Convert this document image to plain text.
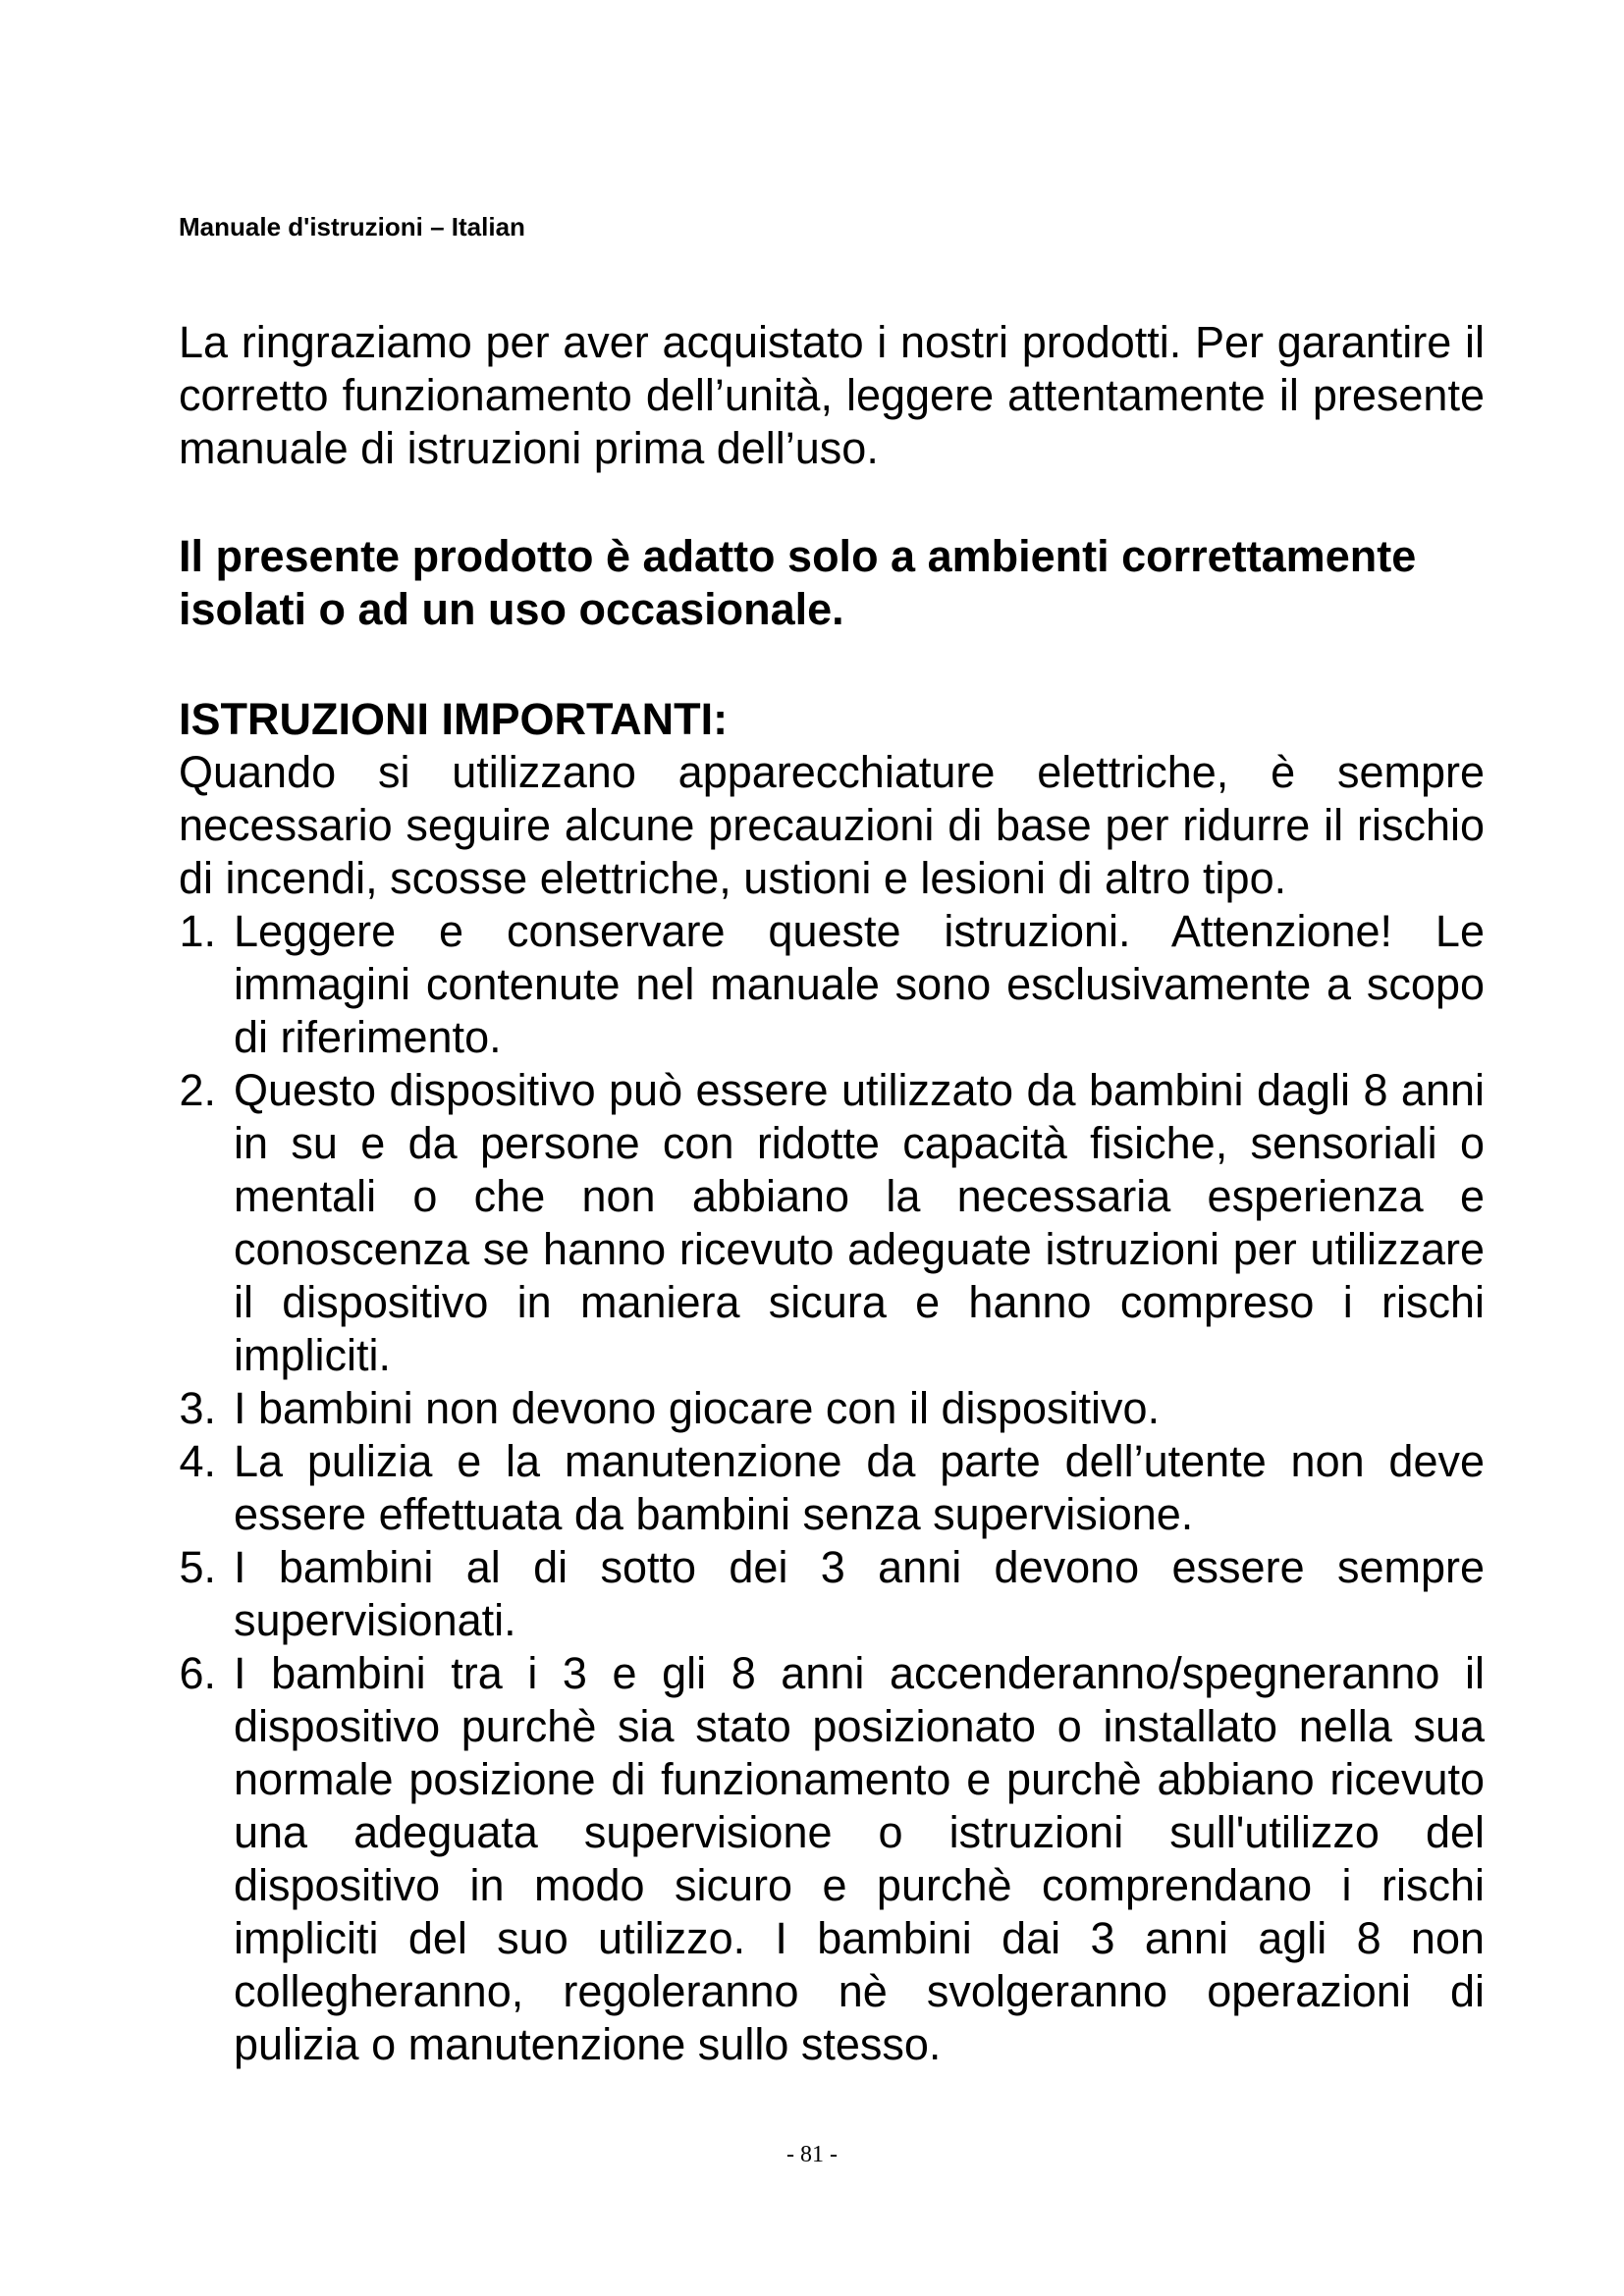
Manuale d'istruzioni – Italian

La ringraziamo per aver acquistato i nostri prodotti. Per garantire il corretto funzionamento dell’unità, leggere attentamente il presente manuale di istruzioni prima dell’uso.

Il presente prodotto è adatto solo a ambienti correttamente isolati o ad un uso occasionale.

ISTRUZIONI IMPORTANTI:

Quando si utilizzano apparecchiature elettriche, è sempre necessario seguire alcune precauzioni di base per ridurre il rischio di incendi, scosse elettriche, ustioni e lesioni di altro tipo.

1. Leggere e conservare queste istruzioni. Attenzione! Le immagini contenute nel manuale sono esclusivamente a scopo di riferimento.
2. Questo dispositivo può essere utilizzato da bambini dagli 8 anni in su e da persone con ridotte capacità fisiche, sensoriali o mentali o che non abbiano la necessaria esperienza e conoscenza se hanno ricevuto adeguate istruzioni per utilizzare il dispositivo in maniera sicura e hanno compreso i rischi impliciti.
3. I bambini non devono giocare con il dispositivo.
4. La pulizia e la manutenzione da parte dell’utente non deve essere effettuata da bambini senza supervisione.
5. I bambini al di sotto dei 3 anni devono essere sempre supervisionati.
6. I bambini tra i 3 e gli 8 anni accenderanno/spegneranno il dispositivo purchè sia stato posizionato o installato nella sua normale posizione di funzionamento e purchè abbiano ricevuto una adeguata supervisione o istruzioni sull'utilizzo del dispositivo in modo sicuro e purchè comprendano i rischi impliciti del suo utilizzo. I bambini dai 3 anni agli 8 non collegheranno, regoleranno nè svolgeranno operazioni di pulizia o manutenzione sullo stesso.
- 81 -
